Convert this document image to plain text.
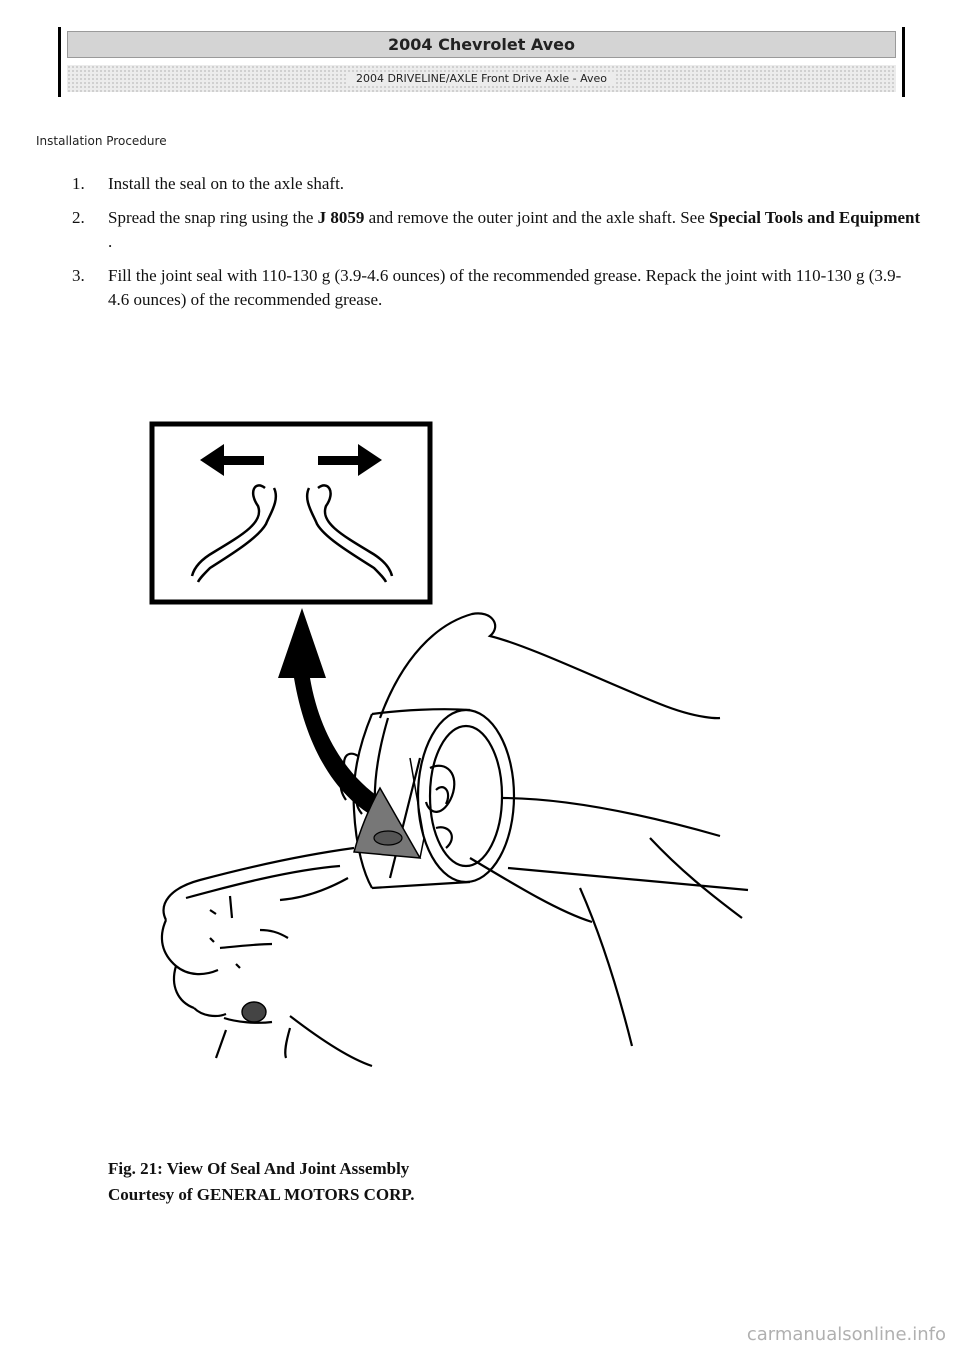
2004 Chevrolet Aveo
2004 DRIVELINE/AXLE Front Drive Axle - Aveo
Installation Procedure
1. Install the seal on to the axle shaft.
2. Spread the snap ring using the J 8059 and remove the outer joint and the axle shaft. See Special Tools and Equipment .
3. Fill the joint seal with 110-130 g (3.9-4.6 ounces) of the recommended grease. Repack the joint with 110-130 g (3.9-4.6 ounces) of the recommended grease.
Fig. 21: View Of Seal And Joint Assembly
Courtesy of GENERAL MOTORS CORP.
carmanualsonline.info
